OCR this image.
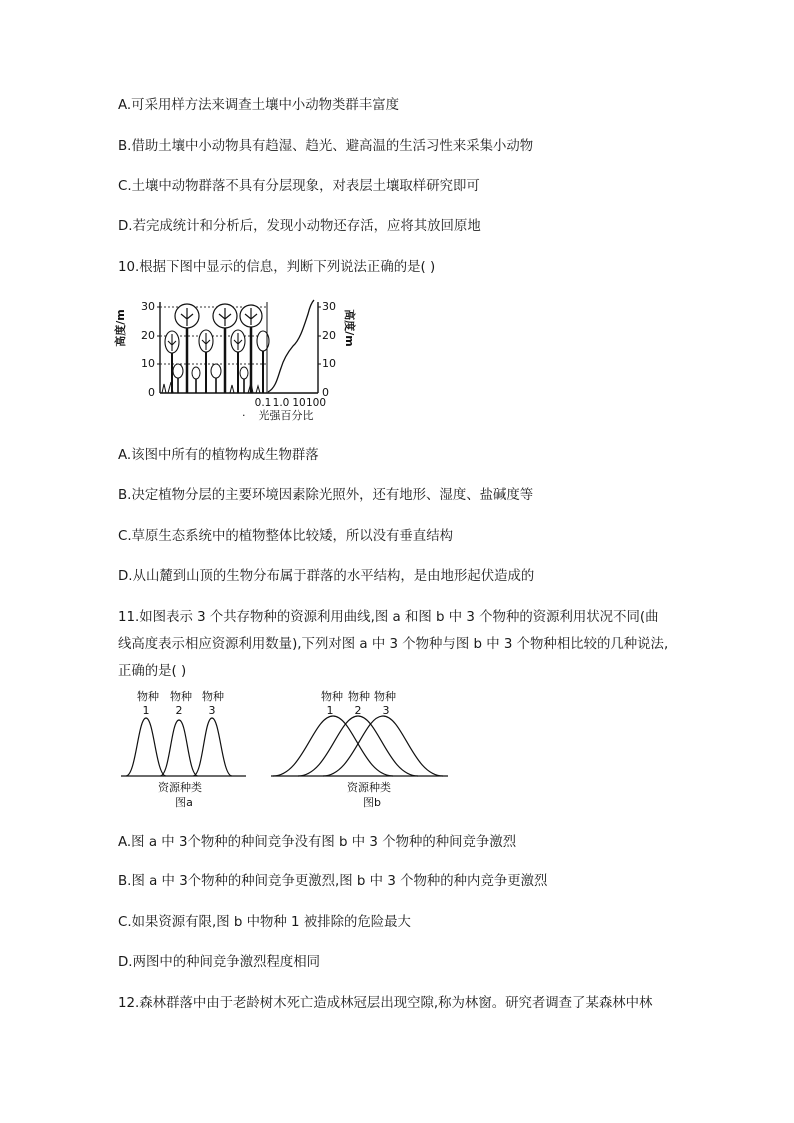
A.可采用样方法来调查土壤中小动物类群丰富度

B.借助土壤中小动物具有趋湿、趋光、避高温的生活习性来采集小动物

C.土壤中动物群落不具有分层现象，对表层土壤取样研究即可

D.若完成统计和分析后，发现小动物还存活，应将其放回原地

10.根据下图中显示的信息，判断下列说法正确的是( )

高度/m
30
20
10
0
30
20
10
0
高度/m
0.1 1.0 10 100
· 光强百分比

A.该图中所有的植物构成生物群落

B.决定植物分层的主要环境因素除光照外，还有地形、湿度、盐碱度等

C.草原生态系统中的植物整体比较矮，所以没有垂直结构

D.从山麓到山顶的生物分布属于群落的水平结构，是由地形起伏造成的

11.如图表示 3 个共存物种的资源利用曲线,图 a 和图 b 中 3 个物种的资源利用状况不同(曲

线高度表示相应资源利用数量),下列对图 a 中 3 个物种与图 b 中 3 个物种相比较的几种说法,

正确的是( )

物种 物种 物种
1 2 3
资源种类
图a
物种 物种 物种
1 2 3
资源种类
图b

A.图 a 中 3个物种的种间竞争没有图 b 中 3 个物种的种间竞争激烈

B.图 a 中 3个物种的种间竞争更激烈,图 b 中 3 个物种的种内竞争更激烈

C.如果资源有限,图 b 中物种 1 被排除的危险最大

D.两图中的种间竞争激烈程度相同

12.森林群落中由于老龄树木死亡造成林冠层出现空隙,称为林窗。研究者调查了某森林中林
